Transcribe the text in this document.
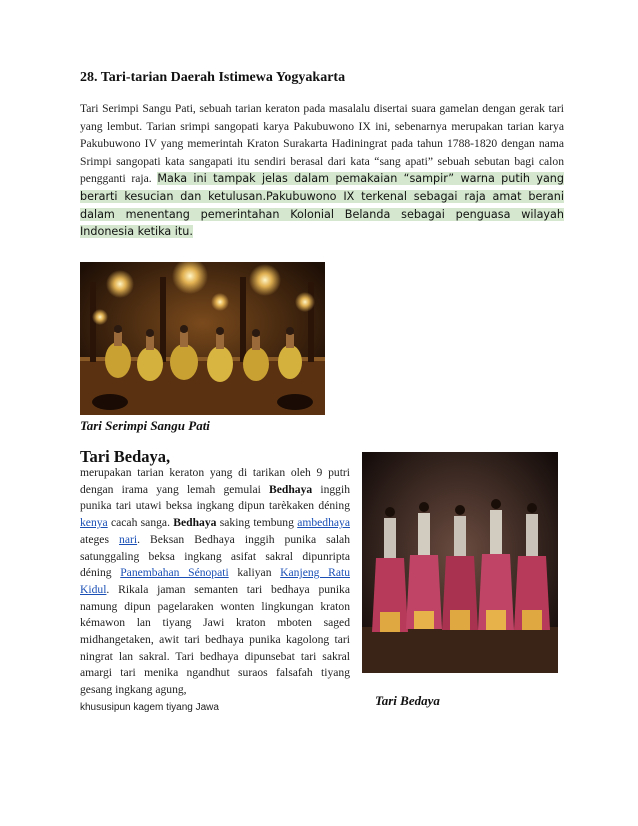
28. Tari-tarian Daerah Istimewa Yogyakarta
Tari Serimpi Sangu Pati, sebuah tarian keraton pada masalalu disertai suara gamelan dengan gerak tari yang lembut. Tarian srimpi sangopati karya Pakubuwono IX ini, sebenarnya merupakan tarian karya Pakubuwono IV yang memerintah Kraton Surakarta Hadiningrat pada tahun 1788-1820 dengan nama Srimpi sangopati kata sangapati itu sendiri berasal dari kata “sang apati” sebuah sebutan bagi calon pengganti raja. Maka ini tampak jelas dalam pemakaian “sampir” warna putih yang berarti kesucian dan ketulusan.Pakubuwono IX terkenal sebagai raja amat berani dalam menentang pemerintahan Kolonial Belanda sebagai penguasa wilayah Indonesia ketika itu.
Tari Serimpi Sangu Pati
Tari Bedaya,
merupakan tarian keraton yang di tarikan oleh 9 putri dengan irama yang lemah gemulai Bedhaya inggih punika tari utawi beksa ingkang dipun tarèkaken déning kenya cacah sanga. Bedhaya saking tembung ambedhaya ateges nari. Beksan Bedhaya inggih punika salah satunggaling beksa ingkang asifat sakral dipunripta déning Panembahan Sénopati kaliyan Kanjeng Ratu Kidul. Rikala jaman semanten tari bedhaya punika namung dipun pagelaraken wonten lingkungan kraton kémawon lan tiyang Jawi kraton mboten saged midhangetaken, awit tari bedhaya punika kagolong tari ningrat lan sakral. Tari bedhaya dipunsebat tari sakral amargi tari menika ngandhut suraos falsafah tiyang gesang ingkang agung,
khususipun kagem tiyang Jawa	Tari Bedaya
